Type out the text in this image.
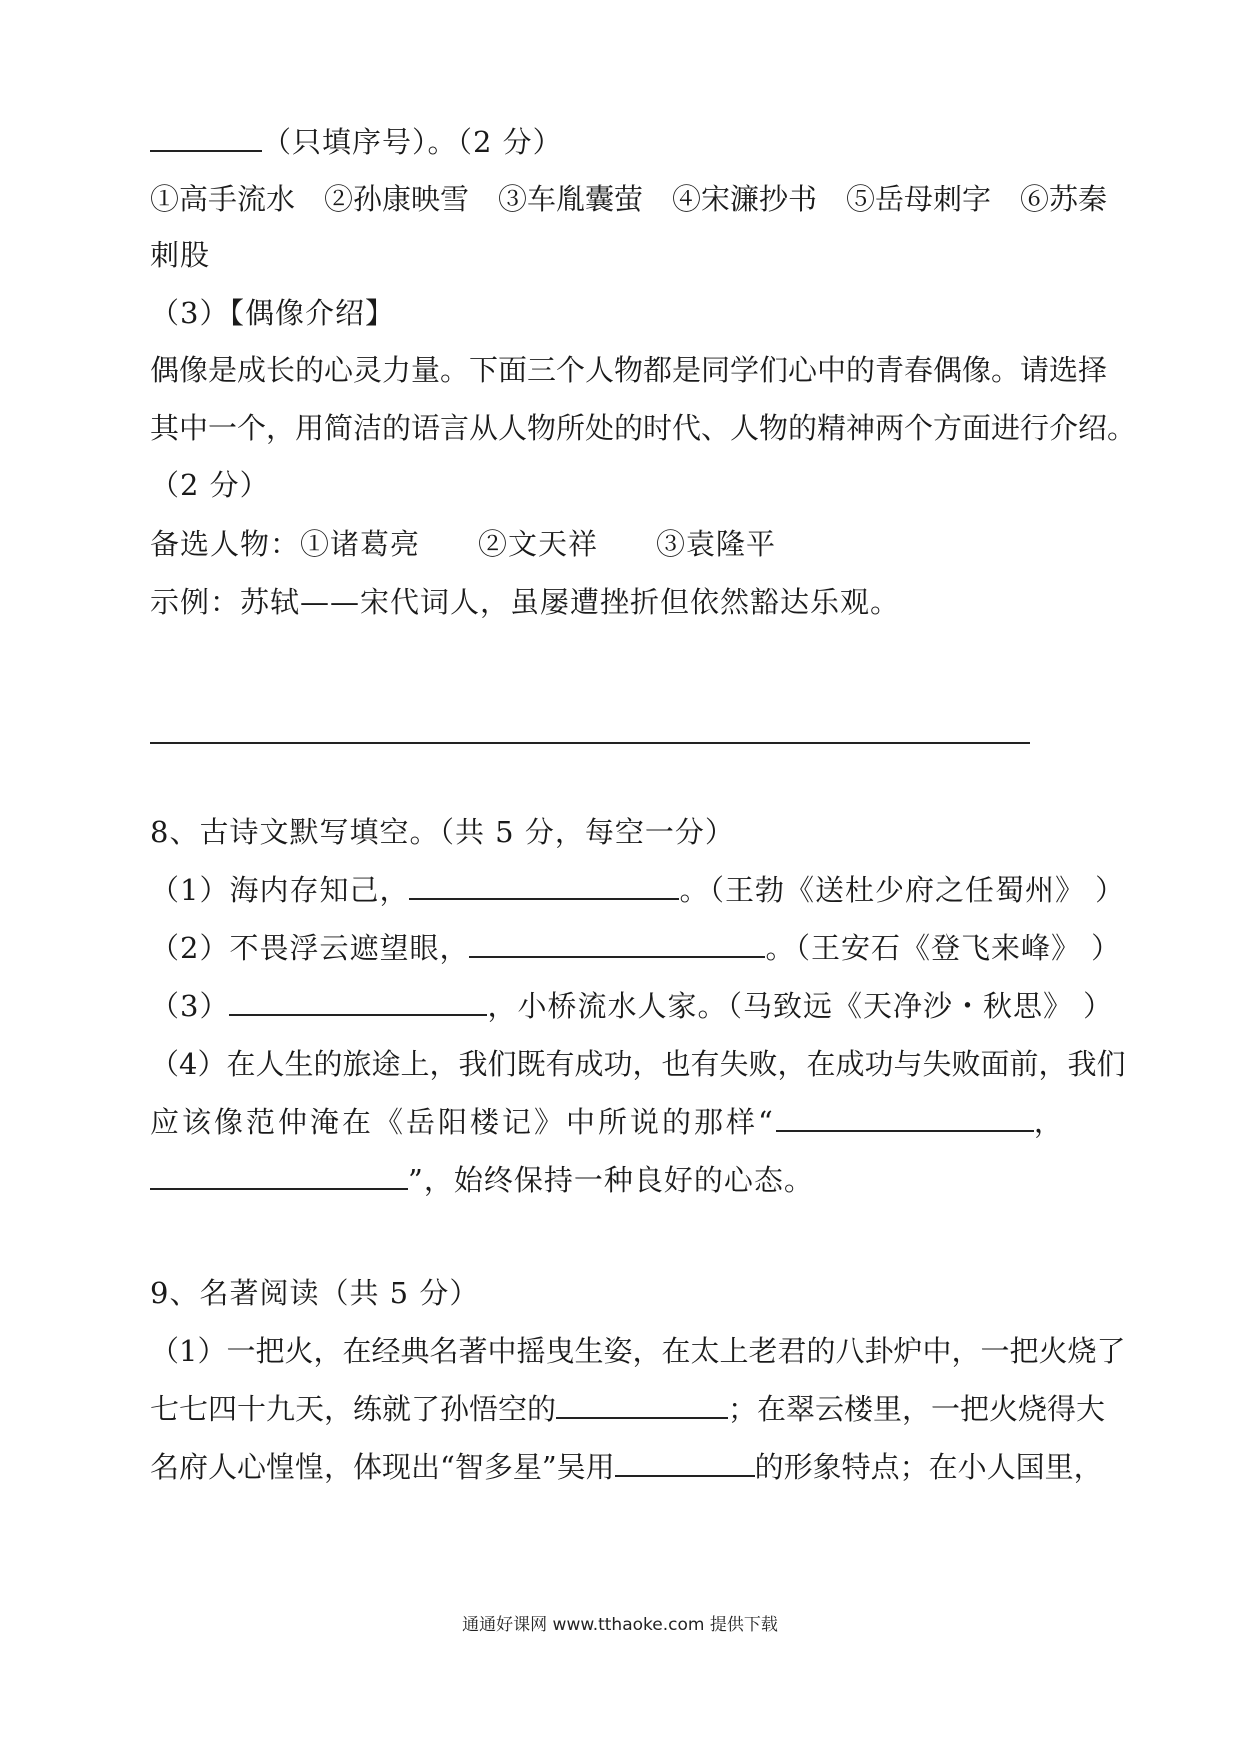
（只填序号）。（2 分）
①高手流水　②孙康映雪　③车胤囊萤　④宋濂抄书　⑤岳母刺字　⑥苏秦
刺股
（3）【偶像介绍】
偶像是成长的心灵力量。下面三个人物都是同学们心中的青春偶像。请选择
其中一个，用简洁的语言从人物所处的时代、人物的精神两个方面进行介绍。
（2 分）
备选人物：①诸葛亮 ②文天祥 ③袁隆平
示例：苏轼——宋代词人，虽屡遭挫折但依然豁达乐观。
8、古诗文默写填空。（共 5 分，每空一分）
（1）海内存知己，	。（王勃《送杜少府之任蜀州》 ）
（2）不畏浮云遮望眼，	。（王安石《登飞来峰》 ）
（3）	，小桥流水人家。（马致远《天净沙・秋思》 ）
（4）在人生的旅途上，我们既有成功，也有失败，在成功与失败面前，我们
应该像范仲淹在《岳阳楼记》中所说的那样“	，
”，始终保持一种良好的心态。
9、名著阅读（共 5 分）
（1）一把火，在经典名著中摇曳生姿，在太上老君的八卦炉中，一把火烧了
七七四十九天，练就了孙悟空的	；在翠云楼里，一把火烧得大
名府人心惶惶，体现出“智多星”吴用	的形象特点；在小人国里，
通通好课网 www.tthaoke.com 提供下载
